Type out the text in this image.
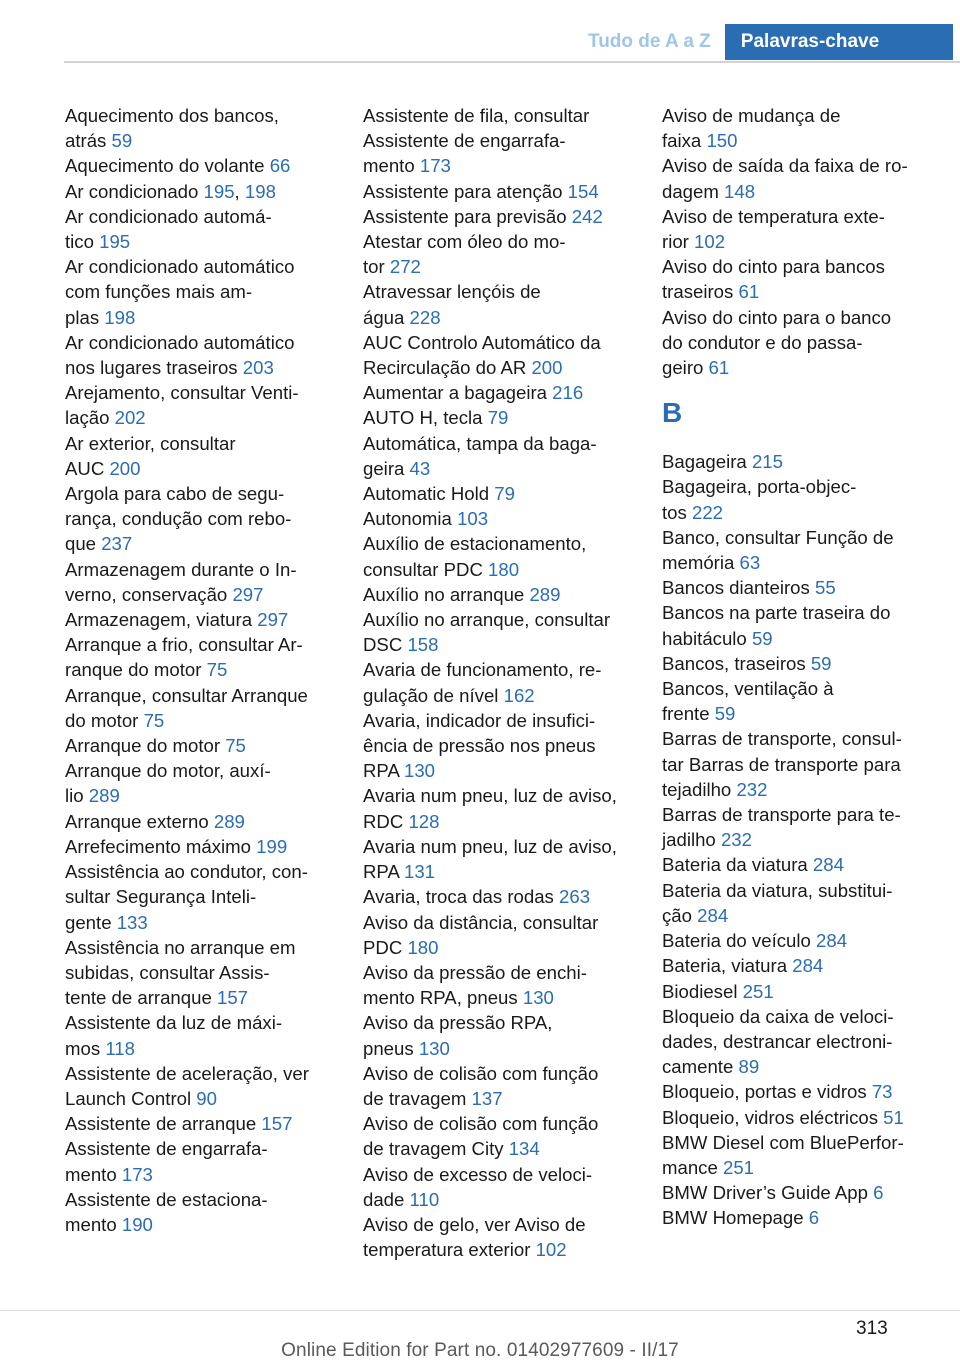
Tudo de A a Z	Palavras-chave
Aquecimento dos bancos,
atrás 59
Aquecimento do volante 66
Ar condicionado 195, 198
Ar condicionado automá-
tico 195
Ar condicionado automático
com funções mais am-
plas 198
Ar condicionado automático
nos lugares traseiros 203
Arejamento, consultar Venti-
lação 202
Ar exterior, consultar
AUC 200
Argola para cabo de segu-
rança, condução com rebo-
que 237
Armazenagem durante o In-
verno, conservação 297
Armazenagem, viatura 297
Arranque a frio, consultar Ar-
ranque do motor 75
Arranque, consultar Arranque
do motor 75
Arranque do motor 75
Arranque do motor, auxí-
lio 289
Arranque externo 289
Arrefecimento máximo 199
Assistência ao condutor, con-
sultar Segurança Inteli-
gente 133
Assistência no arranque em
subidas, consultar Assis-
tente de arranque 157
Assistente da luz de máxi-
mos 118
Assistente de aceleração, ver
Launch Control 90
Assistente de arranque 157
Assistente de engarrafa-
mento 173
Assistente de estaciona-
mento 190
Assistente de fila, consultar
Assistente de engarrafa-
mento 173
Assistente para atenção 154
Assistente para previsão 242
Atestar com óleo do mo-
tor 272
Atravessar lençóis de
água 228
AUC Controlo Automático da
Recirculação do AR 200
Aumentar a bagageira 216
AUTO H, tecla 79
Automática, tampa da baga-
geira 43
Automatic Hold 79
Autonomia 103
Auxílio de estacionamento,
consultar PDC 180
Auxílio no arranque 289
Auxílio no arranque, consultar
DSC 158
Avaria de funcionamento, re-
gulação de nível 162
Avaria, indicador de insufici-
ência de pressão nos pneus
RPA 130
Avaria num pneu, luz de aviso,
RDC 128
Avaria num pneu, luz de aviso,
RPA 131
Avaria, troca das rodas 263
Aviso da distância, consultar
PDC 180
Aviso da pressão de enchi-
mento RPA, pneus 130
Aviso da pressão RPA,
pneus 130
Aviso de colisão com função
de travagem 137
Aviso de colisão com função
de travagem City 134
Aviso de excesso de veloci-
dade 110
Aviso de gelo, ver Aviso de
temperatura exterior 102
Aviso de mudança de
faixa 150
Aviso de saída da faixa de ro-
dagem 148
Aviso de temperatura exte-
rior 102
Aviso do cinto para bancos
traseiros 61
Aviso do cinto para o banco
do condutor e do passa-
geiro 61
B
Bagageira 215
Bagageira, porta-objec-
tos 222
Banco, consultar Função de
memória 63
Bancos dianteiros 55
Bancos na parte traseira do
habitáculo 59
Bancos, traseiros 59
Bancos, ventilação à
frente 59
Barras de transporte, consul-
tar Barras de transporte para
tejadilho 232
Barras de transporte para te-
jadilho 232
Bateria da viatura 284
Bateria da viatura, substitui-
ção 284
Bateria do veículo 284
Bateria, viatura 284
Biodiesel 251
Bloqueio da caixa de veloci-
dades, destrancar electroni-
camente 89
Bloqueio, portas e vidros 73
Bloqueio, vidros eléctricos 51
BMW Diesel com BluePerfor-
mance 251
BMW Driver’s Guide App 6
BMW Homepage 6
313
Online Edition for Part no. 01402977609 - II/17
